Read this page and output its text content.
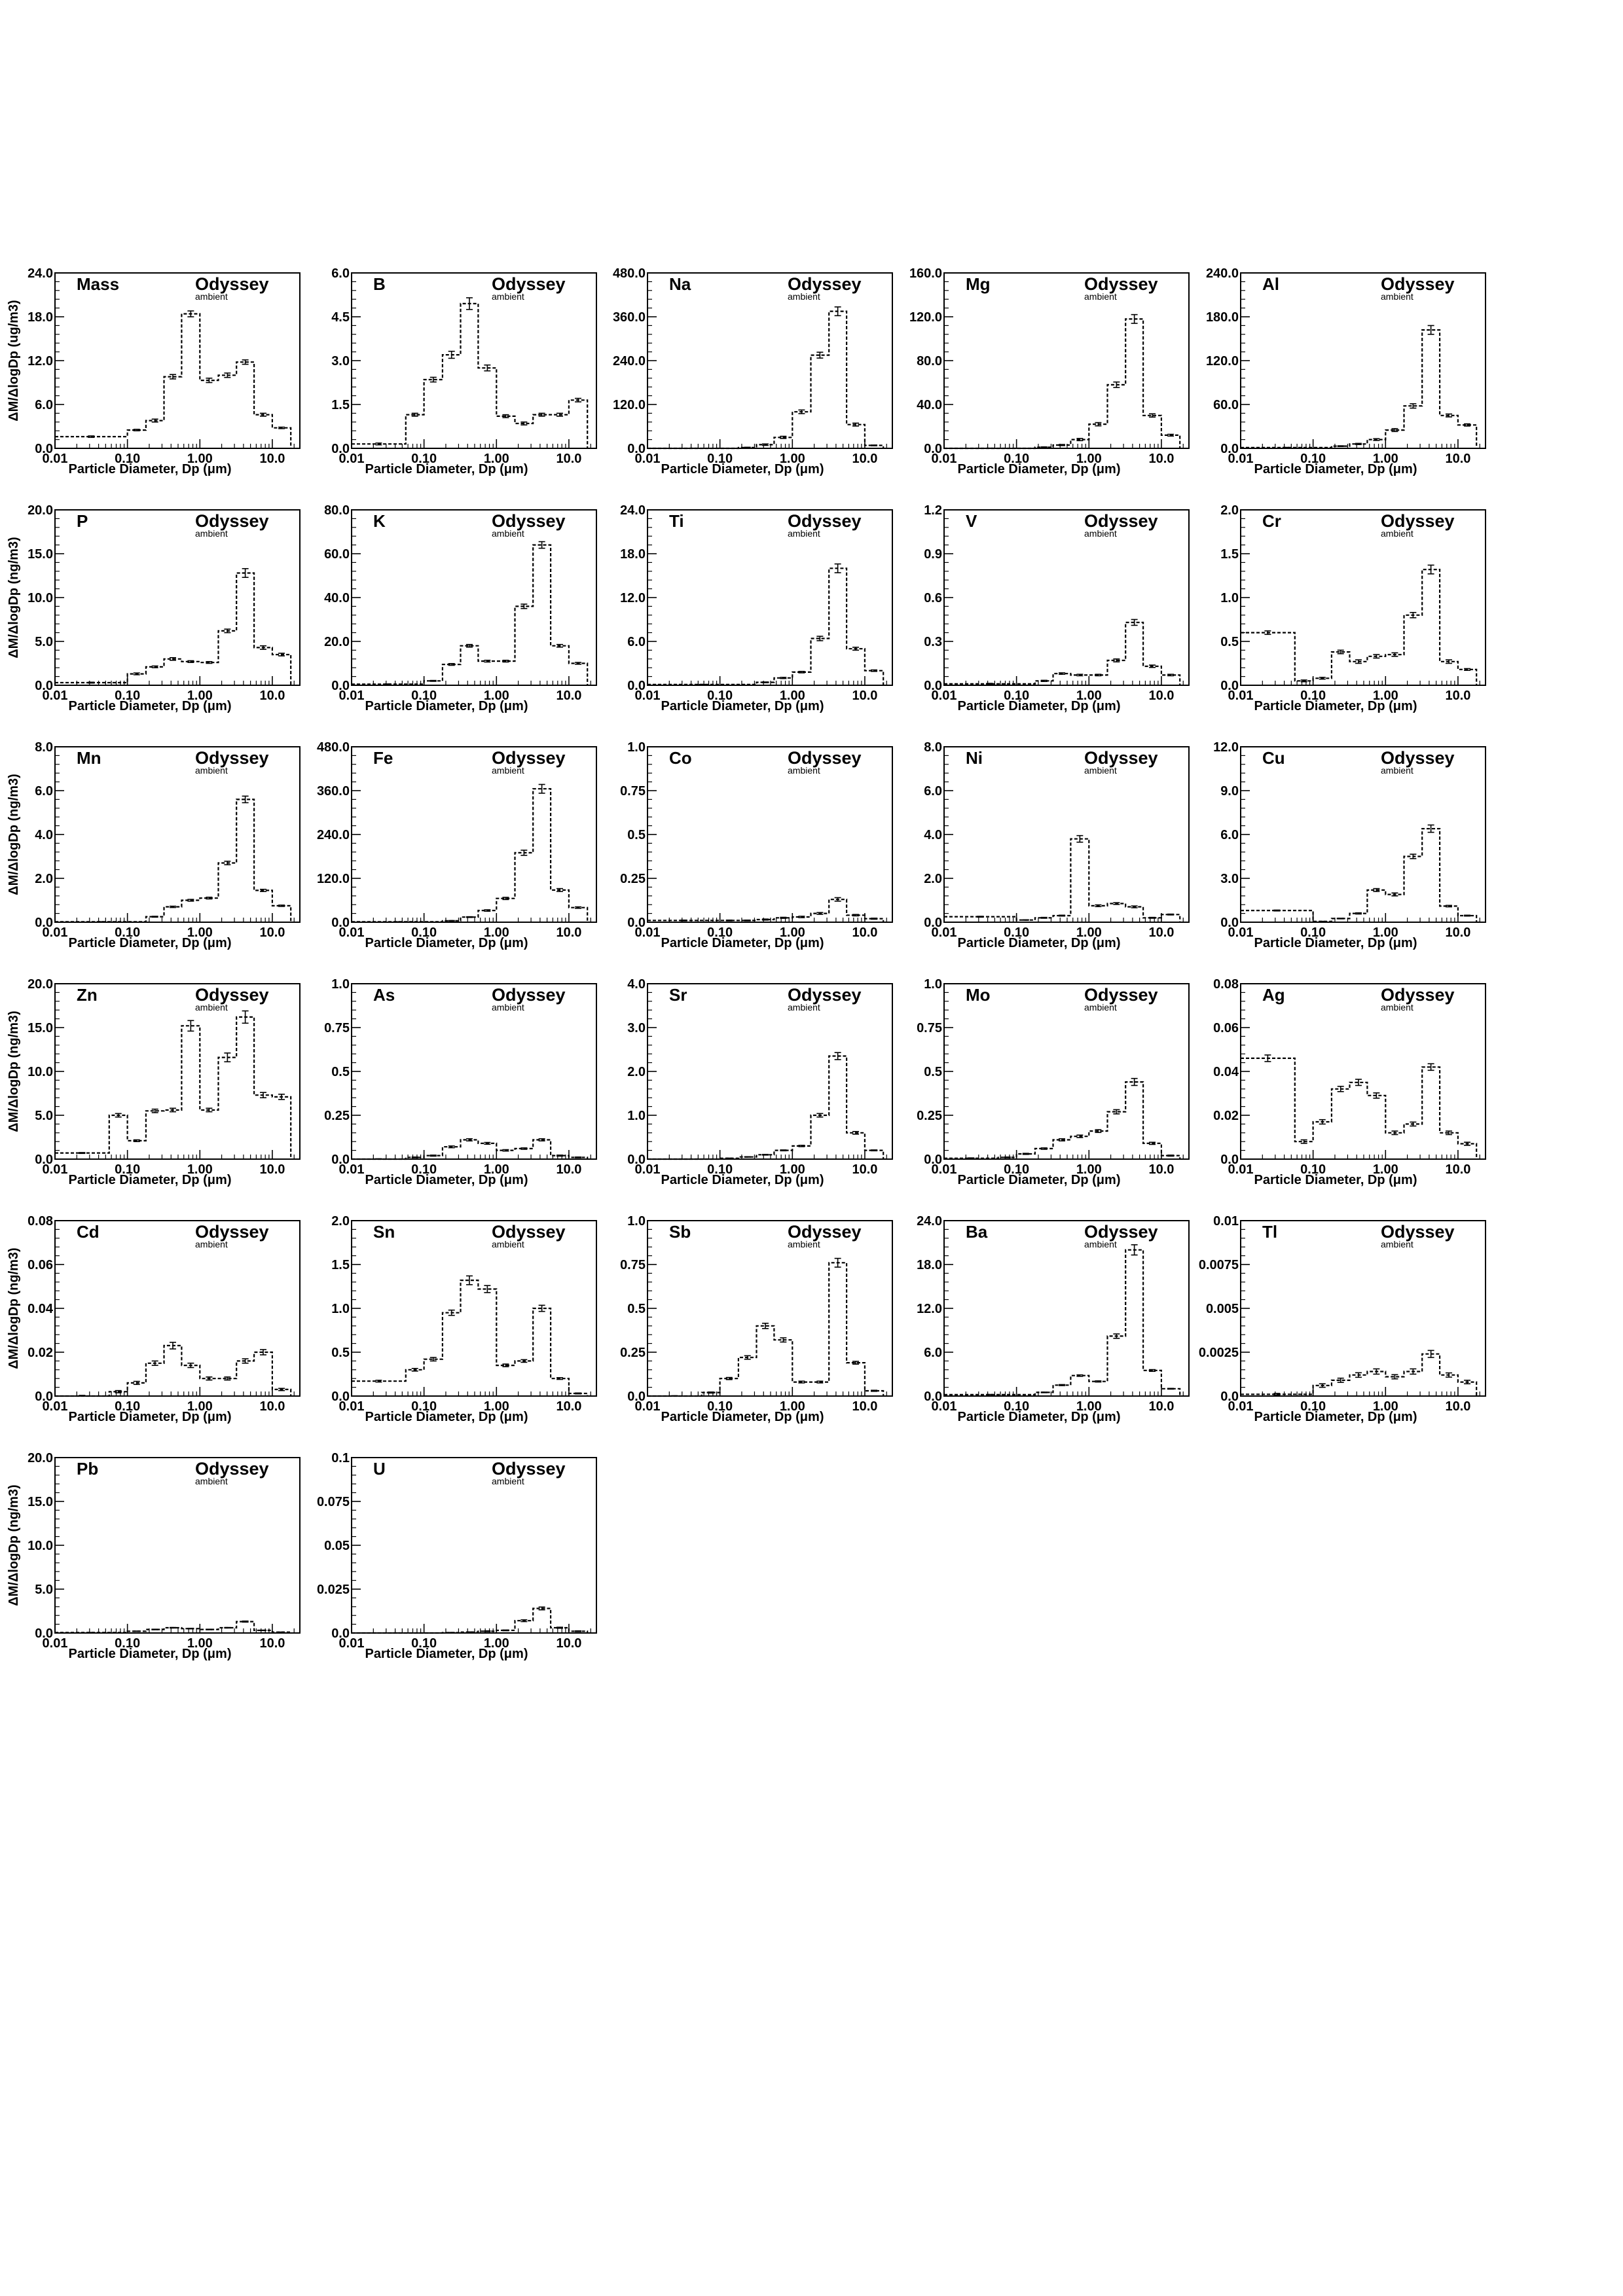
0.0
6.0
12.0
18.0
24.0
0.01	0.10	1.00	10.0
Mass	Odyssey
ambient
Particle Diameter, Dp (μm)
ΔM/ΔlogDp (ug/m3)
0.0
1.5
3.0
4.5
6.0
0.01	0.10	1.00	10.0
B	Odyssey
ambient
Particle Diameter, Dp (μm)
0.0
120.0
240.0
360.0
480.0
0.01	0.10	1.00	10.0
Na	Odyssey
ambient
Particle Diameter, Dp (μm)
0.0
40.0
80.0
120.0
160.0
0.01	0.10	1.00	10.0
Mg	Odyssey
ambient
Particle Diameter, Dp (μm)
0.0
60.0
120.0
180.0
240.0
0.01	0.10	1.00	10.0
Al	Odyssey
ambient
Particle Diameter, Dp (μm)
0.0
5.0
10.0
15.0
20.0
0.01	0.10	1.00	10.0
P	Odyssey
ambient
Particle Diameter, Dp (μm)
ΔM/ΔlogDp (ng/m3)
0.0
20.0
40.0
60.0
80.0
0.01	0.10	1.00	10.0
K	Odyssey
ambient
Particle Diameter, Dp (μm)
0.0
6.0
12.0
18.0
24.0
0.01	0.10	1.00	10.0
Ti	Odyssey
ambient
Particle Diameter, Dp (μm)
0.0
0.3
0.6
0.9
1.2
0.01	0.10	1.00	10.0
V	Odyssey
ambient
Particle Diameter, Dp (μm)
0.0
0.5
1.0
1.5
2.0
0.01	0.10	1.00	10.0
Cr	Odyssey
ambient
Particle Diameter, Dp (μm)
0.0
2.0
4.0
6.0
8.0
0.01	0.10	1.00	10.0
Mn	Odyssey
ambient
Particle Diameter, Dp (μm)
ΔM/ΔlogDp (ng/m3)
0.0
120.0
240.0
360.0
480.0
0.01	0.10	1.00	10.0
Fe	Odyssey
ambient
Particle Diameter, Dp (μm)
0.0
0.25
0.5
0.75
1.0
0.01	0.10	1.00	10.0
Co	Odyssey
ambient
Particle Diameter, Dp (μm)
0.0
2.0
4.0
6.0
8.0
0.01	0.10	1.00	10.0
Ni	Odyssey
ambient
Particle Diameter, Dp (μm)
0.0
3.0
6.0
9.0
12.0
0.01	0.10	1.00	10.0
Cu	Odyssey
ambient
Particle Diameter, Dp (μm)
0.0
5.0
10.0
15.0
20.0
0.01	0.10	1.00	10.0
Zn	Odyssey
ambient
Particle Diameter, Dp (μm)
ΔM/ΔlogDp (ng/m3)
0.0
0.25
0.5
0.75
1.0
0.01	0.10	1.00	10.0
As	Odyssey
ambient
Particle Diameter, Dp (μm)
0.0
1.0
2.0
3.0
4.0
0.01	0.10	1.00	10.0
Sr	Odyssey
ambient
Particle Diameter, Dp (μm)
0.0
0.25
0.5
0.75
1.0
0.01	0.10	1.00	10.0
Mo	Odyssey
ambient
Particle Diameter, Dp (μm)
0.0
0.02
0.04
0.06
0.08
0.01	0.10	1.00	10.0
Ag	Odyssey
ambient
Particle Diameter, Dp (μm)
0.0
0.02
0.04
0.06
0.08
0.01	0.10	1.00	10.0
Cd	Odyssey
ambient
Particle Diameter, Dp (μm)
ΔM/ΔlogDp (ng/m3)
0.0
0.5
1.0
1.5
2.0
0.01	0.10	1.00	10.0
Sn	Odyssey
ambient
Particle Diameter, Dp (μm)
0.0
0.25
0.5
0.75
1.0
0.01	0.10	1.00	10.0
Sb	Odyssey
ambient
Particle Diameter, Dp (μm)
0.0
6.0
12.0
18.0
24.0
0.01	0.10	1.00	10.0
Ba	Odyssey
ambient
Particle Diameter, Dp (μm)
0.0
0.0025
0.005
0.0075
0.01
0.01	0.10	1.00	10.0
Tl	Odyssey
ambient
Particle Diameter, Dp (μm)
0.0
5.0
10.0
15.0
20.0
0.01	0.10	1.00	10.0
Pb	Odyssey
ambient
Particle Diameter, Dp (μm)
ΔM/ΔlogDp (ng/m3)
0.0
0.025
0.05
0.075
0.1
0.01	0.10	1.00	10.0
U	Odyssey
ambient
Particle Diameter, Dp (μm)
